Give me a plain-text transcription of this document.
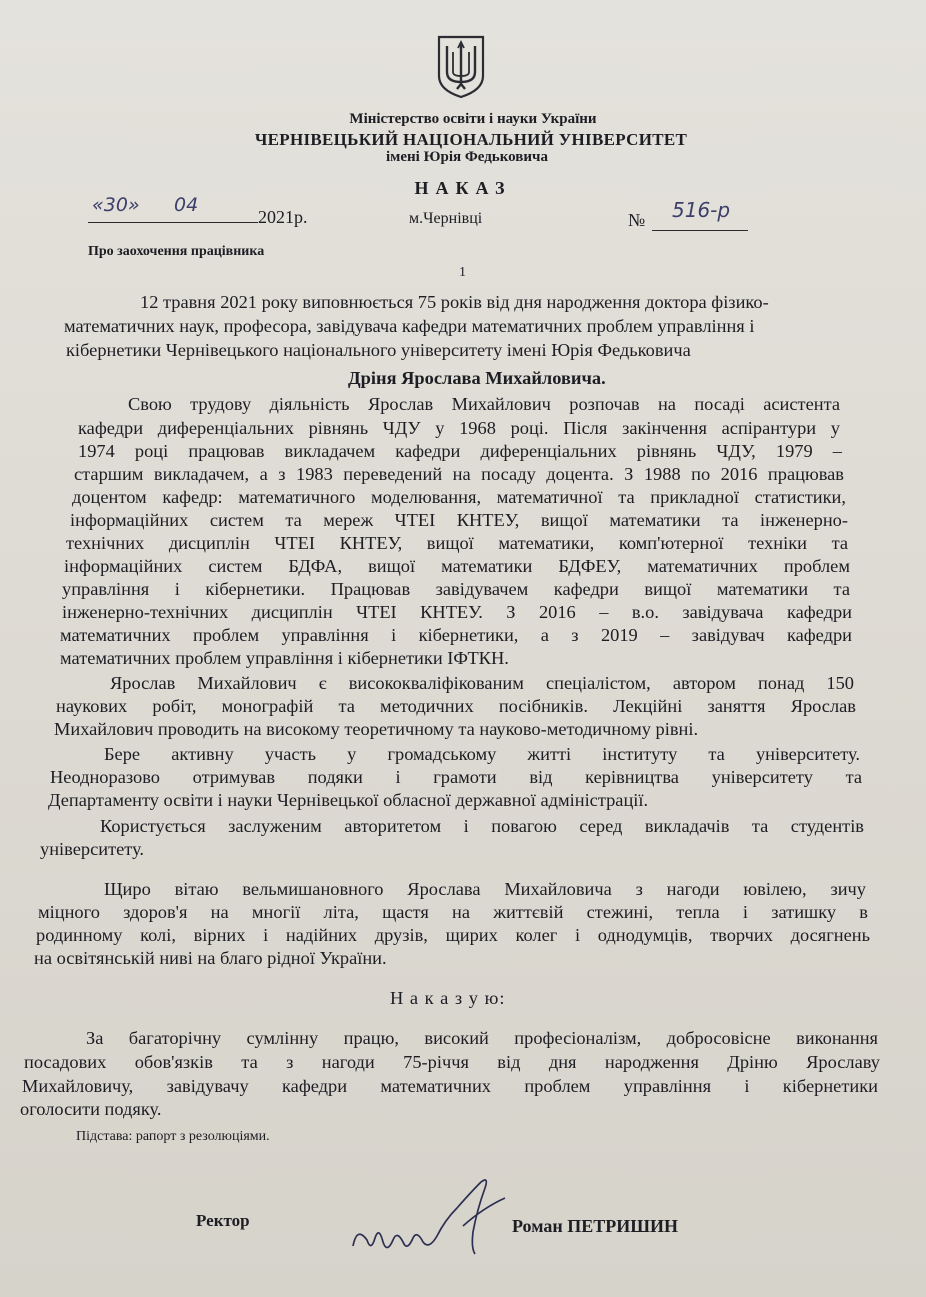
Міністерство освіти і науки України
ЧЕРНІВЕЦЬКИЙ НАЦІОНАЛЬНИЙ УНІВЕРСИТЕТ
імені Юрія Федьковича
НАКАЗ
«30» 04
2021р.	м.Чернівці	№ 516-р
Про заохочення працівника
1

12 травня 2021 року виповнюється 75 років від дня народження доктора фізико-

математичних наук, професора, завідувача кафедри математичних проблем управління і

кібернетики Чернівецького національного університету імені Юрія Федьковича

Дріня Ярослава Михайловича.

Свою трудову діяльність Ярослав Михайлович розпочав на посаді асистента

кафедри диференціальних рівнянь ЧДУ у 1968 році. Після закінчення аспірантури у

1974 році працював викладачем кафедри диференціальних рівнянь ЧДУ, 1979 –

старшим викладачем, а з 1983 переведений на посаду доцента. З 1988 по 2016 працював

доцентом кафедр: математичного моделювання, математичної та прикладної статистики,

інформаційних систем та мереж ЧТЕІ КНТЕУ, вищої математики та інженерно-

технічних дисциплін ЧТЕІ КНТЕУ, вищої математики, комп'ютерної техніки та

інформаційних систем БДФА, вищої математики БДФЕУ, математичних проблем

управління і кібернетики. Працював завідувачем кафедри вищої математики та

інженерно-технічних дисциплін ЧТЕІ КНТЕУ. З 2016 – в.о. завідувача кафедри

математичних проблем управління і кібернетики, а з 2019 – завідувач кафедри

математичних проблем управління і кібернетики ІФТКН.

Ярослав Михайлович є висококваліфікованим спеціалістом, автором понад 150

наукових робіт, монографій та методичних посібників. Лекційні заняття Ярослав

Михайлович проводить на високому теоретичному та науково-методичному рівні.

Бере активну участь у громадському житті інституту та університету.

Неодноразово отримував подяки і грамоти від керівництва університету та

Департаменту освіти і науки Чернівецької обласної державної адміністрації.

Користується заслуженим авторитетом і повагою серед викладачів та студентів

університету.

Щиро вітаю вельмишановного Ярослава Михайловича з нагоди ювілею, зичу

міцного здоров'я на многії літа, щастя на життєвій стежині, тепла і затишку в

родинному колі, вірних і надійних друзів, щирих колег і однодумців, творчих досягнень

на освітянській ниві на благо рідної України.

Н а к а з у ю:

За багаторічну сумлінну працю, високий професіоналізм, добросовісне виконання

посадових обов'язків та з нагоди 75-річчя від дня народження Дріню Ярославу

Михайловичу, завідувачу кафедри математичних проблем управління і кібернетики

оголосити подяку.

Підстава: рапорт з резолюціями.
Ректор	Роман ПЕТРИШИН
